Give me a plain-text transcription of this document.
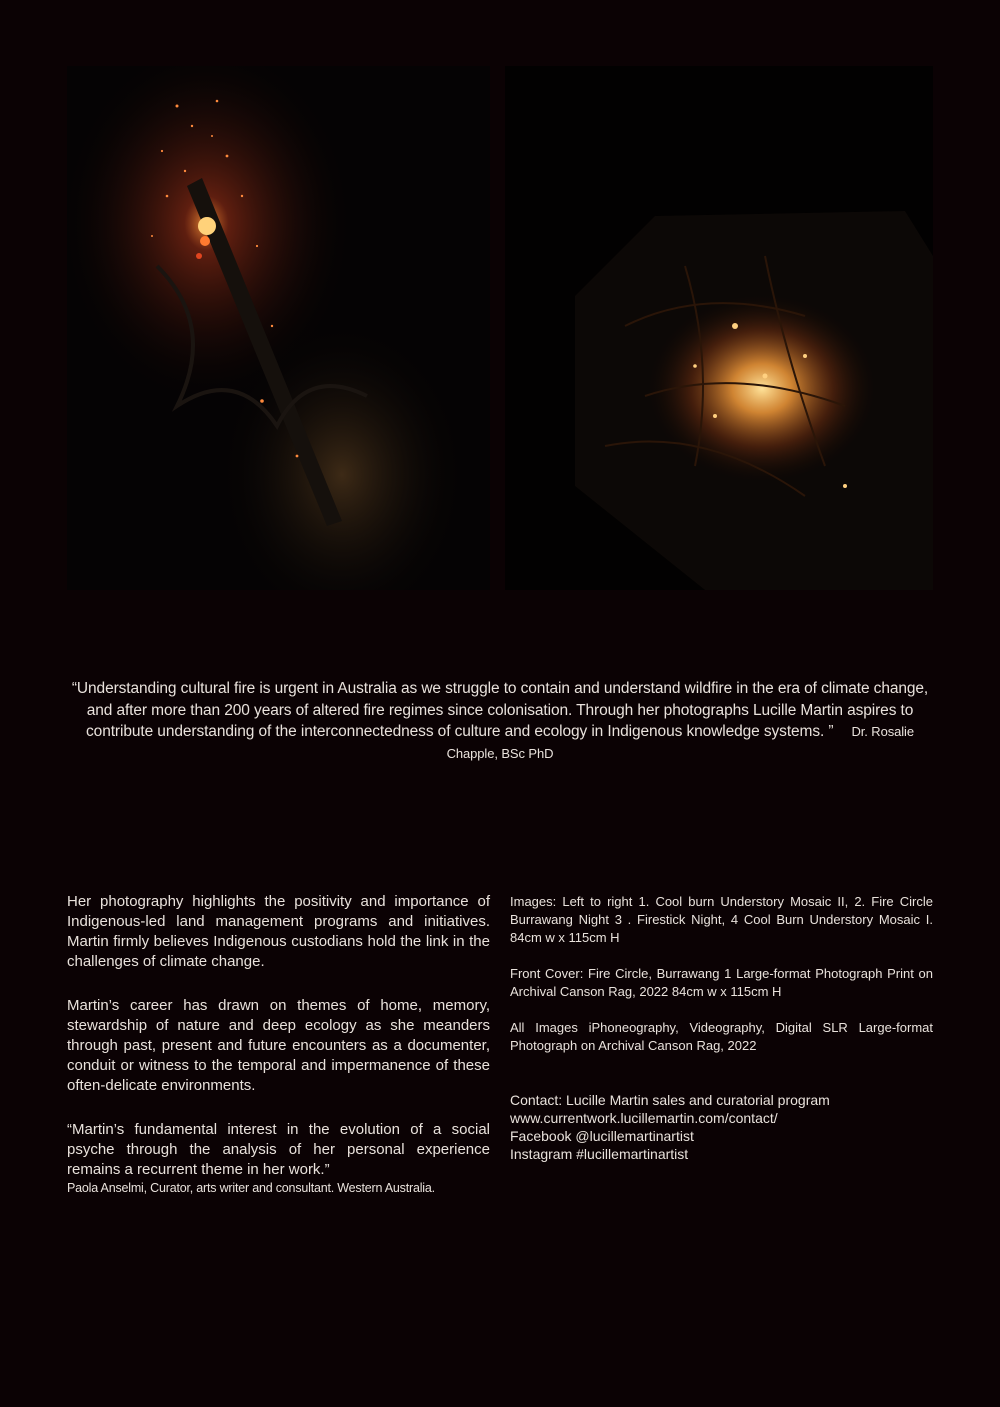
“Understanding cultural fire is urgent in Australia as we struggle to contain and understand wildfire in the era of climate change, and after more than 200 years of altered fire regimes since colonisation. Through her photographs Lucille Martin aspires to contribute understanding of the interconnectedness of culture and ecology in Indigenous knowledge systems. ” Dr. Rosalie Chapple, BSc PhD

Her photography highlights the positivity and importance of Indigenous-led land management programs and initiatives. Martin firmly believes Indigenous custodians hold the link in the challenges of climate change.

Martin’s career has drawn on themes of home, memory, stewardship of nature and deep ecology as she meanders through past, present and future encounters as a documenter, conduit or witness to the temporal and impermanence of these often-delicate environments.

“Martin’s fundamental interest in the evolution of a social psyche through the analysis of her personal experience remains a recurrent theme in her work.”
Paola Anselmi, Curator, arts writer and consultant. Western Australia.

Images: Left to right 1. Cool burn Understory Mosaic II, 2. Fire Circle Burrawang Night 3 . Firestick Night, 4 Cool Burn Understory Mosaic I. 84cm w x 115cm H

Front Cover: Fire Circle, Burrawang 1 Large-format Photograph Print on Archival Canson Rag, 2022 84cm w x 115cm H

All Images iPhoneography, Videography, Digital SLR Large-format Photograph on Archival Canson Rag, 2022

Contact: Lucille Martin sales and curatorial program
www.currentwork.lucillemartin.com/contact/
Facebook @lucillemartinartist
Instagram #lucillemartinartist
